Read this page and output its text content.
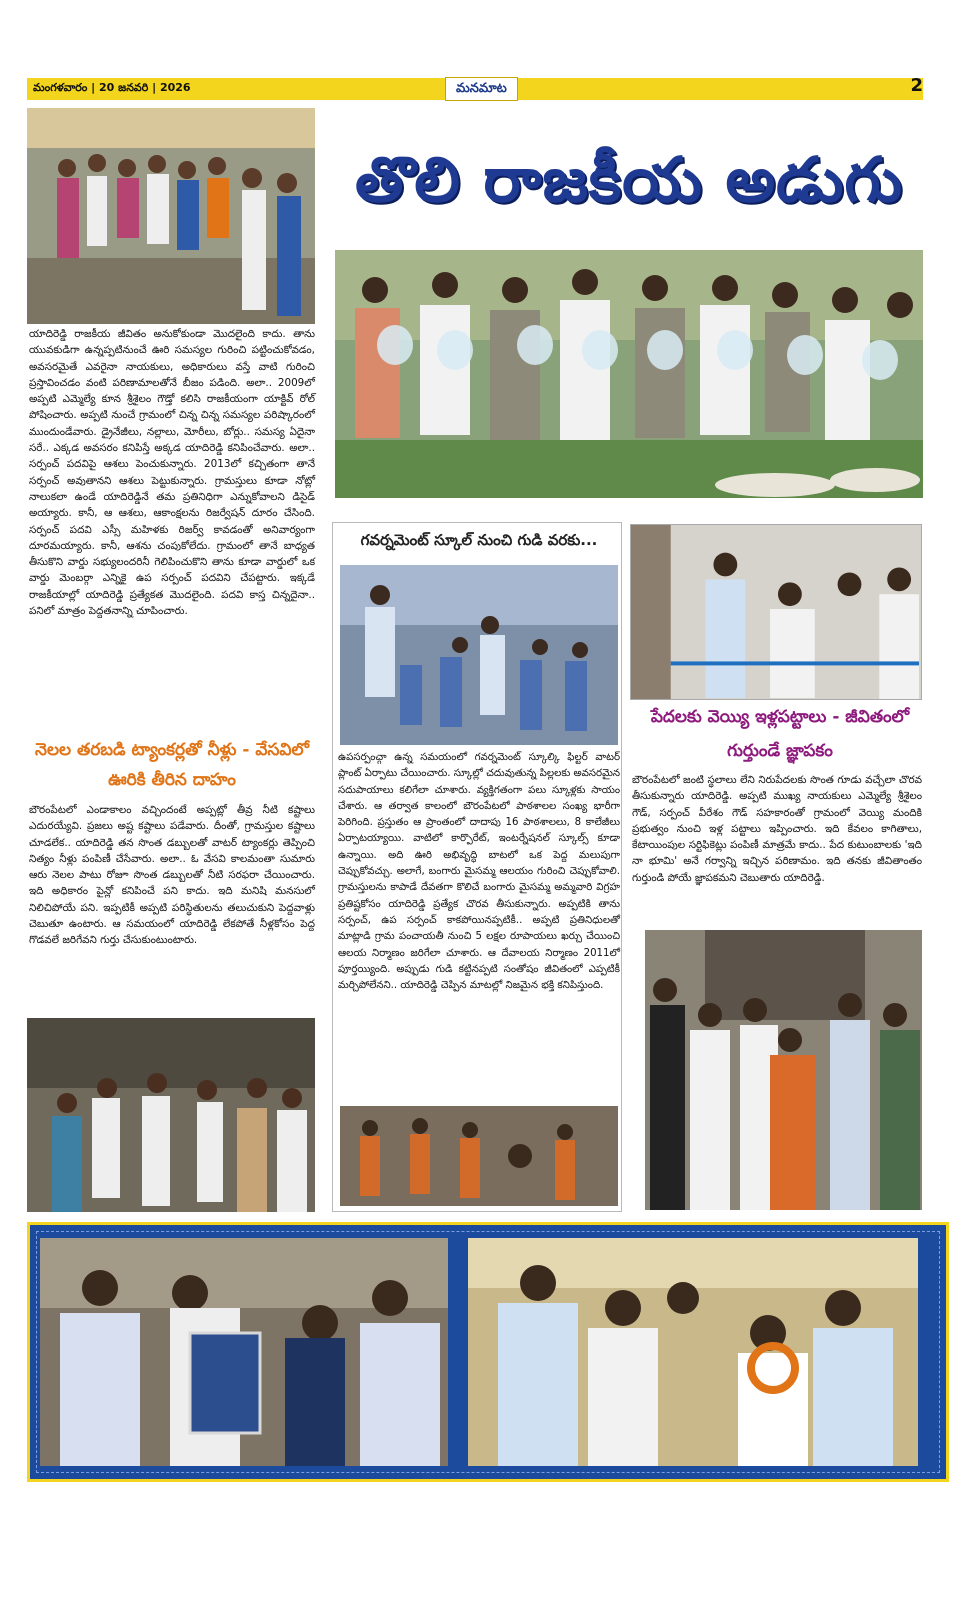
మంగళవారం | 20 జనవరి | 2026	మనమాట	2
యాదిరెడ్డి రాజకీయ జీవితం అనుకోకుండా మొదలైంది కాదు. తాను యువకుడిగా ఉన్నప్పటినుంచే ఊరి సమస్యల గురించి పట్టించుకోవడం, అవసరమైతే ఎవరైనా నాయకులు, అధికారులు వస్తే వాటి గురించి ప్రస్తావించడం వంటి పరిణామాలతోనే బీజం పడింది. అలా.. 2009లో అప్పటి ఎమ్మెల్యే కూన శ్రీశైలం గౌడ్తో కలిసి రాజకీయంగా యాక్టివ్ రోల్ పోషించారు. అప్పటి నుంచే గ్రామంలో చిన్న చిన్న సమస్యల పరిష్కారంలో ముందుండేవారు. డ్రైనేజీలు, నల్లాలు, మోరీలు, బోర్లు.. సమస్య ఏదైనా సరే.. ఎక్కడ అవసరం కనిపిస్తే అక్కడ యాదిరెడ్డి కనిపించేవారు. అలా.. సర్పంచ్ పదవిపై ఆశలు పెంచుకున్నారు. 2013లో కచ్చితంగా తానే సర్పంచ్ అవుతానని ఆశలు పెట్టుకున్నారు. గ్రామస్తులు కూడా నోట్లో నాలుకలా ఉండే యాదిరెడ్డినే తమ ప్రతినిధిగా ఎన్నుకోవాలని డిసైడ్ అయ్యారు. కానీ, ఆ ఆశలు, ఆకాంక్షలను రిజర్వేషన్ దూరం చేసింది. సర్పంచ్ పదవి ఎస్సీ మహిళకు రిజర్వ్ కావడంతో అనివార్యంగా దూరమయ్యారు. కానీ, ఆశను చంపుకోలేదు. గ్రామంలో తానే బాధ్యత తీసుకొని వార్డు సభ్యులందరినీ గెలిపించుకొని తాను కూడా వార్డులో ఒక వార్డు మెంబర్గా ఎన్నికై ఉప సర్పంచ్ పదవిని చేపట్టారు. ఇక్కడే రాజకీయాల్లో యాదిరెడ్డి ప్రత్యేకత మొదలైంది. పదవి కాస్త చిన్నదైనా.. పనిలో మాత్రం పెద్దతనాన్ని చూపించారు.
నెలల తరబడి ట్యాంకర్లతో నీళ్లు - వేసవిలో ఊరికి తీరిన దాహం
బౌరంపేటలో ఎండాకాలం వచ్చిందంటే అప్పట్లో తీవ్ర నీటి కష్టాలు ఎదురయ్యేవి. ప్రజలు అష్ట కష్టాలు పడేవారు. దీంతో, గ్రామస్తుల కష్టాలు చూడలేక.. యాదిరెడ్డి తన సొంత డబ్బులతో వాటర్ ట్యాంకర్లు తెప్పించి నిత్యం నీళ్లు పంపిణీ చేసేవారు. అలా.. ఓ వేసవి కాలమంతా సుమారు ఆరు నెలల పాటు రోజూ సొంత డబ్బులతో నీటి సరఫరా చేయించారు. ఇది అధికారం పైన్లో కనిపించే పని కాదు. ఇది మనిషి మనసులో నిలిచిపోయే పని. ఇప్పటికీ అప్పటి పరిస్థితులను తలుచుకుని పెద్దవాళ్లు చెబుతూ ఉంటారు. ఆ సమయంలో యాదిరెడ్డి లేకపోతే నీళ్లకోసం పెద్ద గొడవలే జరిగేవని గుర్తు చేసుకుంటుంటారు.
తొలి రాజకీయ అడుగు
గవర్నమెంట్ స్కూల్ నుంచి గుడి వరకు...
ఉపసర్పంచ్గా ఉన్న సమయంలో గవర్నమెంట్ స్కూల్కి ఫిల్టర్ వాటర్ ప్లాంట్ ఏర్పాటు చేయించారు. స్కూల్లో చదువుతున్న పిల్లలకు అవసరమైన సదుపాయాలు కలిగేలా చూశారు. వ్యక్తిగతంగా పలు స్కూళ్లకు సాయం చేశారు. ఆ తర్వాత కాలంలో బౌరంపేటలో పాఠశాలల సంఖ్య భారీగా పెరిగింది. ప్రస్తుతం ఆ ప్రాంతంలో దాదాపు 16 పాఠశాలలు, 8 కాలేజీలు ఏర్పాటయ్యాయి. వాటిలో కార్పొరేట్, ఇంటర్నేషనల్ స్కూల్స్ కూడా ఉన్నాయి. అది ఊరి అభివృద్ధి బాటలో ఒక పెద్ద మలుపుగా చెప్పుకోవచ్చు. అలాగే, బంగారు మైసమ్మ ఆలయం గురించి చెప్పుకోవాలి. గ్రామస్తులను కాపాడే దేవతగా కొలిచే బంగారు మైసమ్మ అమ్మవారి విగ్రహ ప్రతిష్టకోసం యాదిరెడ్డి ప్రత్యేక చొరవ తీసుకున్నారు. అప్పటికి తాను సర్పంచ్, ఉప సర్పంచ్ కాకపోయినప్పటికీ.. అప్పటి ప్రతినిధులతో మాట్లాడి గ్రామ పంచాయతీ నుంచి 5 లక్షల రూపాయలు ఖర్చు చేయించి ఆలయ నిర్మాణం జరిగేలా చూశారు. ఆ దేవాలయ నిర్మాణం 2011లో పూర్తయ్యింది. అప్పుడు గుడి కట్టినప్పటి సంతోషం జీవితంలో ఎప్పటికీ మర్చిపోలేనని.. యాదిరెడ్డి చెప్పిన మాటల్లో నిజమైన భక్తి కనిపిస్తుంది.
పేదలకు వెయ్యి ఇళ్లపట్టాలు - జీవితంలో గుర్తుండే జ్ఞాపకం
బౌరంపేటలో జంటి స్థలాలు లేని నిరుపేదలకు సొంత గూడు వచ్చేలా చొరవ తీసుకున్నారు యాదిరెడ్డి. అప్పటి ముఖ్య నాయకులు ఎమ్మెల్యే శ్రీశైలం గౌడ్, సర్పంచ్ వీరేశం గౌడ్ సహకారంతో గ్రామంలో వెయ్యి మందికి ప్రభుత్వం నుంచి ఇళ్ల పట్టాలు ఇప్పించారు. ఇది కేవలం కాగితాలు, కేటాయింపుల సర్టిఫికెట్లు పంపిణీ మాత్రమే కాదు.. పేద కుటుంబాలకు 'ఇది నా భూమి' అనే గర్వాన్ని ఇచ్చిన పరిణామం. ఇది తనకు జీవితాంతం గుర్తుండి పోయే జ్ఞాపకమని చెబుతారు యాదిరెడ్డి.
